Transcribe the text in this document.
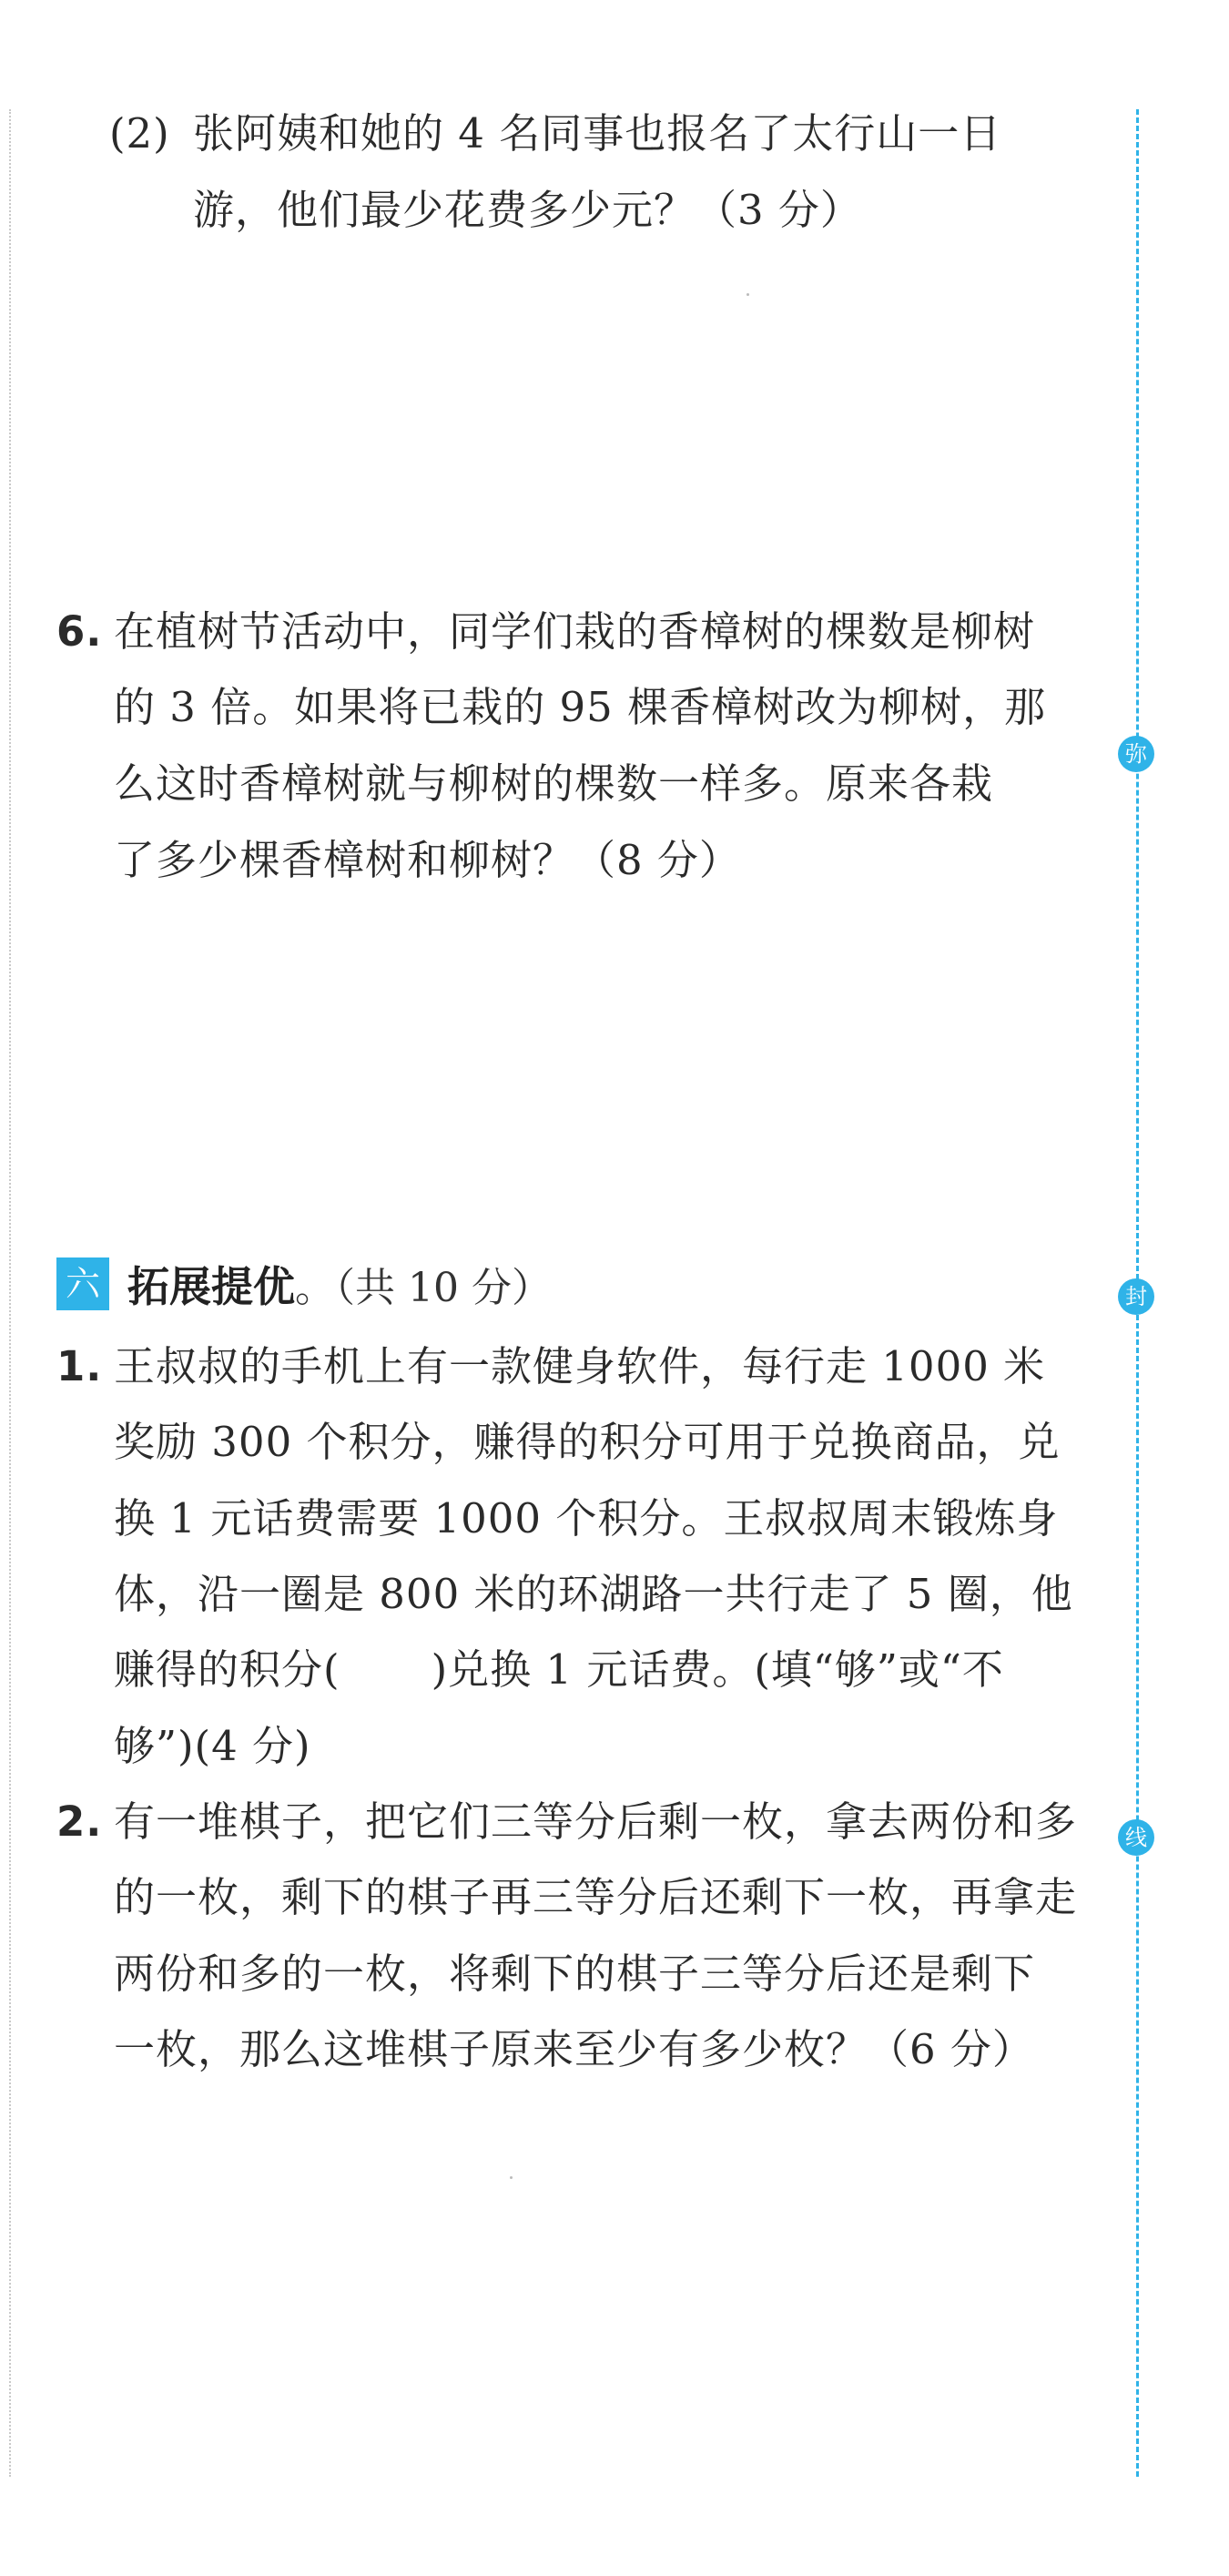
弥
封
线
(2) 张阿姨和她的 4 名同事也报名了太行山一日
游，他们最少花费多少元？（3 分）
6. 在植树节活动中，同学们栽的香樟树的棵数是柳树
的 3 倍。如果将已栽的 95 棵香樟树改为柳树，那
么这时香樟树就与柳树的棵数一样多。原来各栽
了多少棵香樟树和柳树？（8 分）
六 拓展提优 。（共 10 分）
1. 王叔叔的手机上有一款健身软件，每行走 1000 米
奖励 300 个积分，赚得的积分可用于兑换商品，兑
换 1 元话费需要 1000 个积分。王叔叔周末锻炼身
体，沿一圈是 800 米的环湖路一共行走了 5 圈，他
赚得的积分( )兑换 1 元话费。(填“够”或“不
够”)(4 分)
2. 有一堆棋子，把它们三等分后剩一枚，拿去两份和多
的一枚，剩下的棋子再三等分后还剩下一枚，再拿走
两份和多的一枚，将剩下的棋子三等分后还是剩下
一枚，那么这堆棋子原来至少有多少枚？（6 分）
